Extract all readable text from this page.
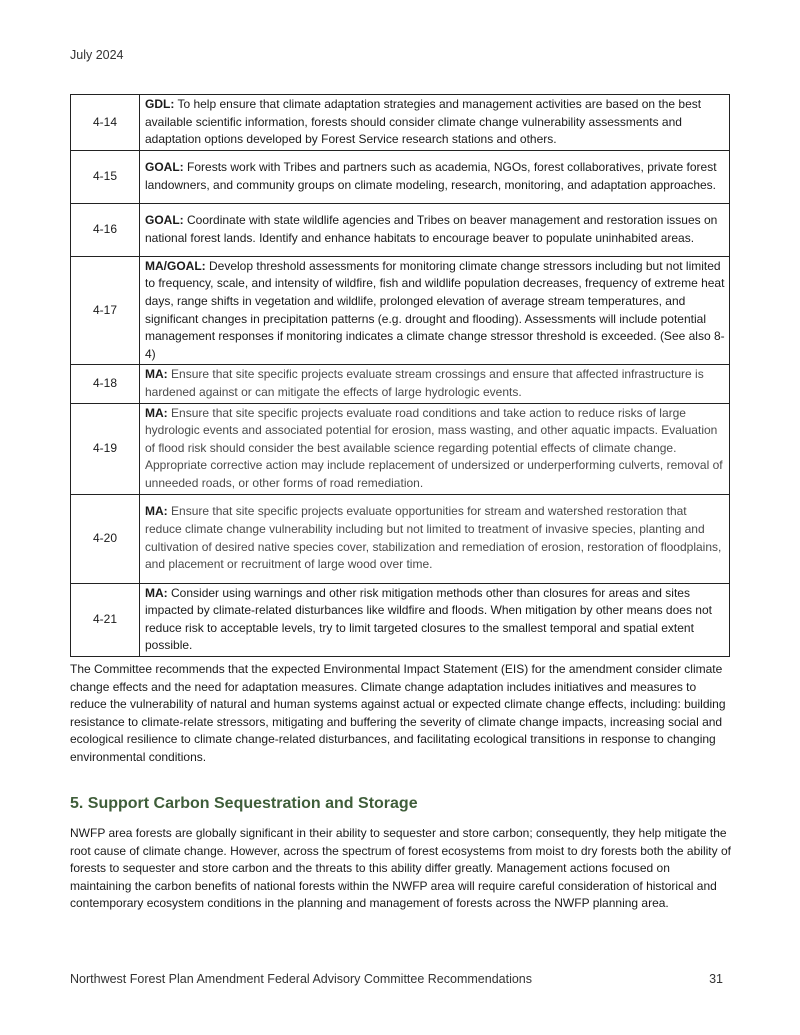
July 2024
4-14	GDL: To help ensure that climate adaptation strategies and management activities are based on the best available scientific information, forests should consider climate change vulnerability assessments and adaptation options developed by Forest Service research stations and others.
4-15	GOAL: Forests work with Tribes and partners such as academia, NGOs, forest collaboratives, private forest landowners, and community groups on climate modeling, research, monitoring, and adaptation approaches.
4-16	GOAL: Coordinate with state wildlife agencies and Tribes on beaver management and restoration issues on national forest lands. Identify and enhance habitats to encourage beaver to populate uninhabited areas.
4-17	MA/GOAL: Develop threshold assessments for monitoring climate change stressors including but not limited to frequency, scale, and intensity of wildfire, fish and wildlife population decreases, frequency of extreme heat days, range shifts in vegetation and wildlife, prolonged elevation of average stream temperatures, and significant changes in precipitation patterns (e.g. drought and flooding). Assessments will include potential management responses if monitoring indicates a climate change stressor threshold is exceeded. (See also 8-4)
4-18	MA: Ensure that site specific projects evaluate stream crossings and ensure that affected infrastructure is hardened against or can mitigate the effects of large hydrologic events.
4-19	MA: Ensure that site specific projects evaluate road conditions and take action to reduce risks of large hydrologic events and associated potential for erosion, mass wasting, and other aquatic impacts. Evaluation of flood risk should consider the best available science regarding potential effects of climate change. Appropriate corrective action may include replacement of undersized or underperforming culverts, removal of unneeded roads, or other forms of road remediation.
4-20	MA: Ensure that site specific projects evaluate opportunities for stream and watershed restoration that reduce climate change vulnerability including but not limited to treatment of invasive species, planting and cultivation of desired native species cover, stabilization and remediation of erosion, restoration of floodplains, and placement or recruitment of large wood over time.
4-21	MA: Consider using warnings and other risk mitigation methods other than closures for areas and sites impacted by climate-related disturbances like wildfire and floods. When mitigation by other means does not reduce risk to acceptable levels, try to limit targeted closures to the smallest temporal and spatial extent possible.

The Committee recommends that the expected Environmental Impact Statement (EIS) for the amendment consider climate change effects and the need for adaptation measures. Climate change adaptation includes initiatives and measures to reduce the vulnerability of natural and human systems against actual or expected climate change effects, including: building resistance to climate-relate stressors, mitigating and buffering the severity of climate change impacts, increasing social and ecological resilience to climate change-related disturbances, and facilitating ecological transitions in response to changing environmental conditions.

5. Support Carbon Sequestration and Storage

NWFP area forests are globally significant in their ability to sequester and store carbon; consequently, they help mitigate the root cause of climate change. However, across the spectrum of forest ecosystems from moist to dry forests both the ability of forests to sequester and store carbon and the threats to this ability differ greatly. Management actions focused on maintaining the carbon benefits of national forests within the NWFP area will require careful consideration of historical and contemporary ecosystem conditions in the planning and management of forests across the NWFP planning area.

Northwest Forest Plan Amendment Federal Advisory Committee Recommendations	31
